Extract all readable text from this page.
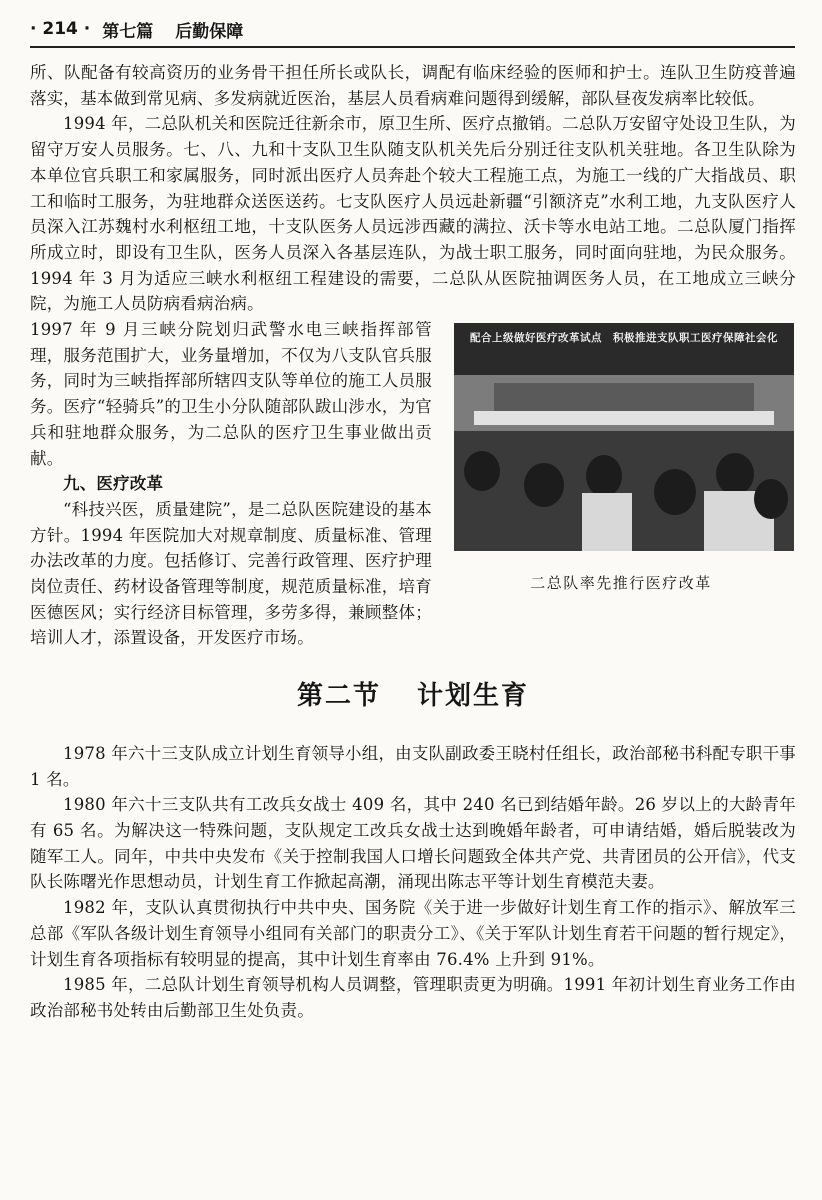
· 214 · 第七篇 后勤保障

所、队配备有较高资历的业务骨干担任所长或队长，调配有临床经验的医师和护士。连队卫生防疫普遍落实，基本做到常见病、多发病就近医治，基层人员看病难问题得到缓解，部队昼夜发病率比较低。

1994 年，二总队机关和医院迁往新余市，原卫生所、医疗点撤销。二总队万安留守处设卫生队，为留守万安人员服务。七、八、九和十支队卫生队随支队机关先后分别迁往支队机关驻地。各卫生队除为本单位官兵职工和家属服务，同时派出医疗人员奔赴个较大工程施工点，为施工一线的广大指战员、职工和临时工服务，为驻地群众送医送药。七支队医疗人员远赴新疆“引额济克”水利工地，九支队医疗人员深入江苏魏村水利枢纽工地，十支队医务人员远涉西藏的满拉、沃卡等水电站工地。二总队厦门指挥所成立时，即设有卫生队，医务人员深入各基层连队，为战士职工服务，同时面向驻地，为民众服务。1994 年 3 月为适应三峡水利枢纽工程建设的需要，二总队从医院抽调医务人员，在工地成立三峡分院，为施工人员防病看病治病。

配合上级做好医疗改革试点　积极推进支队职工医疗保障社会化
二总队率先推行医疗改革

1997 年 9 月三峡分院划归武警水电三峡指挥部管理，服务范围扩大，业务量增加，不仅为八支队官兵服务，同时为三峡指挥部所辖四支队等单位的施工人员服务。医疗“轻骑兵”的卫生小分队随部队跋山涉水，为官兵和驻地群众服务，为二总队的医疗卫生事业做出贡献。

九、医疗改革

“科技兴医，质量建院”，是二总队医院建设的基本方针。1994 年医院加大对规章制度、质量标准、管理办法改革的力度。包括修订、完善行政管理、医疗护理岗位责任、药材设备管理等制度，规范质量标准，培育医德医风；实行经济目标管理，多劳多得，兼顾整体；培训人才，添置设备，开发医疗市场。

第二节 计划生育

1978 年六十三支队成立计划生育领导小组，由支队副政委王晓村任组长，政治部秘书科配专职干事 1 名。

1980 年六十三支队共有工改兵女战士 409 名，其中 240 名已到结婚年龄。26 岁以上的大龄青年有 65 名。为解决这一特殊问题，支队规定工改兵女战士达到晚婚年龄者，可申请结婚，婚后脱装改为随军工人。同年，中共中央发布《关于控制我国人口增长问题致全体共产党、共青团员的公开信》，代支队长陈曙光作思想动员，计划生育工作掀起高潮，涌现出陈志平等计划生育模范夫妻。

1982 年，支队认真贯彻执行中共中央、国务院《关于进一步做好计划生育工作的指示》、解放军三总部《军队各级计划生育领导小组同有关部门的职责分工》、《关于军队计划生育若干问题的暂行规定》，计划生育各项指标有较明显的提高，其中计划生育率由 76.4% 上升到 91%。

1985 年，二总队计划生育领导机构人员调整，管理职责更为明确。1991 年初计划生育业务工作由政治部秘书处转由后勤部卫生处负责。
